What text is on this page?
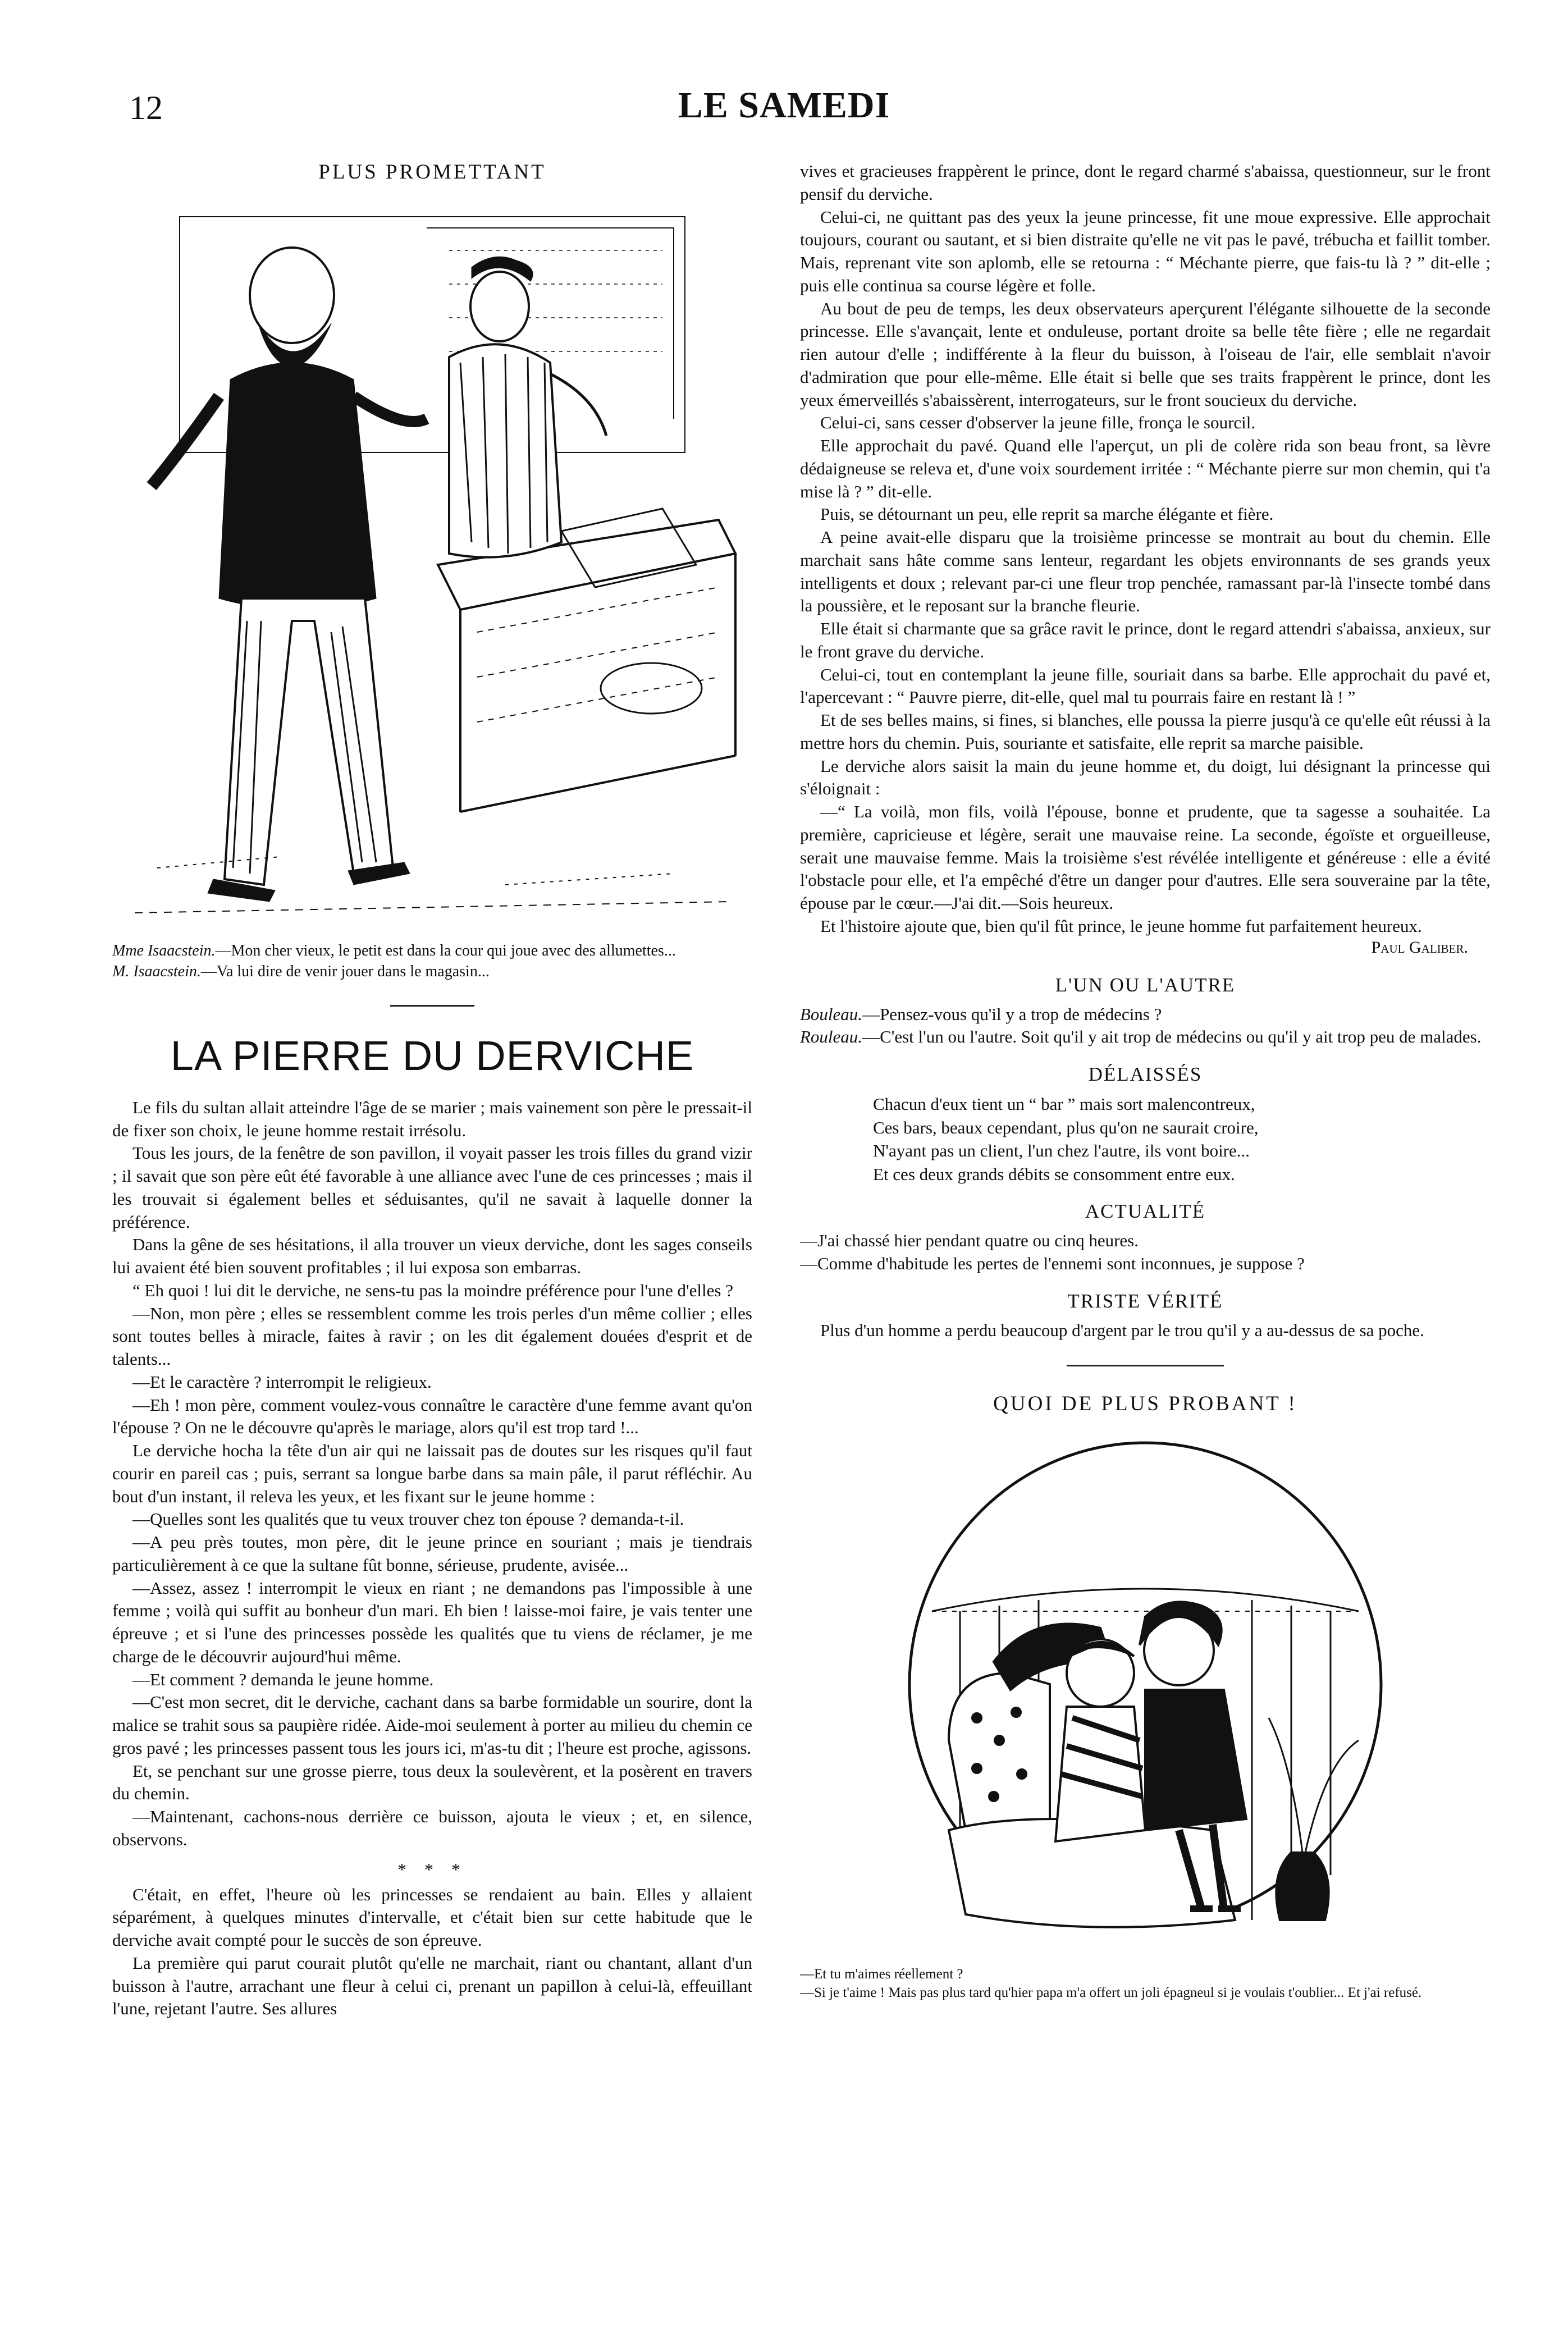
12	LE SAMEDI
PLUS PROMETTANT

Mme Isaacstein.—Mon cher vieux, le petit est dans la cour qui joue avec des allumettes...

M. Isaacstein.—Va lui dire de venir jouer dans le magasin...

LA PIERRE DU DERVICHE

Le fils du sultan allait atteindre l'âge de se marier ; mais vainement son père le pressait-il de fixer son choix, le jeune homme restait irrésolu.

Tous les jours, de la fenêtre de son pavillon, il voyait passer les trois filles du grand vizir ; il savait que son père eût été favorable à une alliance avec l'une de ces princesses ; mais il les trouvait si également belles et séduisantes, qu'il ne savait à laquelle donner la préférence.

Dans la gêne de ses hésitations, il alla trouver un vieux derviche, dont les sages conseils lui avaient été bien souvent profitables ; il lui exposa son embarras.

“ Eh quoi ! lui dit le derviche, ne sens-tu pas la moindre préférence pour l'une d'elles ?

—Non, mon père ; elles se ressemblent comme les trois perles d'un même collier ; elles sont toutes belles à miracle, faites à ravir ; on les dit également douées d'esprit et de talents...

—Et le caractère ? interrompit le religieux.

—Eh ! mon père, comment voulez-vous connaître le caractère d'une femme avant qu'on l'épouse ? On ne le découvre qu'après le mariage, alors qu'il est trop tard !...

Le derviche hocha la tête d'un air qui ne laissait pas de doutes sur les risques qu'il faut courir en pareil cas ; puis, serrant sa longue barbe dans sa main pâle, il parut réfléchir. Au bout d'un instant, il releva les yeux, et les fixant sur le jeune homme :

—Quelles sont les qualités que tu veux trouver chez ton épouse ? demanda-t-il.

—A peu près toutes, mon père, dit le jeune prince en souriant ; mais je tiendrais particulièrement à ce que la sultane fût bonne, sérieuse, prudente, avisée...

—Assez, assez ! interrompit le vieux en riant ; ne demandons pas l'impossible à une femme ; voilà qui suffit au bonheur d'un mari. Eh bien ! laisse-moi faire, je vais tenter une épreuve ; et si l'une des princesses possède les qualités que tu viens de réclamer, je me charge de le découvrir aujourd'hui même.

—Et comment ? demanda le jeune homme.

—C'est mon secret, dit le derviche, cachant dans sa barbe formidable un sourire, dont la malice se trahit sous sa paupière ridée. Aide-moi seulement à porter au milieu du chemin ce gros pavé ; les princesses passent tous les jours ici, m'as-tu dit ; l'heure est proche, agissons.

Et, se penchant sur une grosse pierre, tous deux la soulevèrent, et la posèrent en travers du chemin.

—Maintenant, cachons-nous derrière ce buisson, ajouta le vieux ; et, en silence, observons.

* * *

C'était, en effet, l'heure où les princesses se rendaient au bain. Elles y allaient séparément, à quelques minutes d'intervalle, et c'était bien sur cette habitude que le derviche avait compté pour le succès de son épreuve.

La première qui parut courait plutôt qu'elle ne marchait, riant ou chantant, allant d'un buisson à l'autre, arrachant une fleur à celui ci, prenant un papillon à celui-là, effeuillant l'une, rejetant l'autre. Ses allures

vives et gracieuses frappèrent le prince, dont le regard charmé s'abaissa, questionneur, sur le front pensif du derviche.

Celui-ci, ne quittant pas des yeux la jeune princesse, fit une moue expressive. Elle approchait toujours, courant ou sautant, et si bien distraite qu'elle ne vit pas le pavé, trébucha et faillit tomber. Mais, reprenant vite son aplomb, elle se retourna : “ Méchante pierre, que fais-tu là ? ” dit-elle ; puis elle continua sa course légère et folle.

Au bout de peu de temps, les deux observateurs aperçurent l'élégante silhouette de la seconde princesse. Elle s'avançait, lente et onduleuse, portant droite sa belle tête fière ; elle ne regardait rien autour d'elle ; indifférente à la fleur du buisson, à l'oiseau de l'air, elle semblait n'avoir d'admiration que pour elle-même. Elle était si belle que ses traits frappèrent le prince, dont les yeux émerveillés s'abaissèrent, interrogateurs, sur le front soucieux du derviche.

Celui-ci, sans cesser d'observer la jeune fille, fronça le sourcil.

Elle approchait du pavé. Quand elle l'aperçut, un pli de colère rida son beau front, sa lèvre dédaigneuse se releva et, d'une voix sourdement irritée : “ Méchante pierre sur mon chemin, qui t'a mise là ? ” dit-elle.

Puis, se détournant un peu, elle reprit sa marche élégante et fière.

A peine avait-elle disparu que la troisième princesse se montrait au bout du chemin. Elle marchait sans hâte comme sans lenteur, regardant les objets environnants de ses grands yeux intelligents et doux ; relevant par-ci une fleur trop penchée, ramassant par-là l'insecte tombé dans la poussière, et le reposant sur la branche fleurie.

Elle était si charmante que sa grâce ravit le prince, dont le regard attendri s'abaissa, anxieux, sur le front grave du derviche.

Celui-ci, tout en contemplant la jeune fille, souriait dans sa barbe. Elle approchait du pavé et, l'apercevant : “ Pauvre pierre, dit-elle, quel mal tu pourrais faire en restant là ! ”

Et de ses belles mains, si fines, si blanches, elle poussa la pierre jusqu'à ce qu'elle eût réussi à la mettre hors du chemin. Puis, souriante et satisfaite, elle reprit sa marche paisible.

Le derviche alors saisit la main du jeune homme et, du doigt, lui désignant la princesse qui s'éloignait :

—“ La voilà, mon fils, voilà l'épouse, bonne et prudente, que ta sagesse a souhaitée. La première, capricieuse et légère, serait une mauvaise reine. La seconde, égoïste et orgueilleuse, serait une mauvaise femme. Mais la troisième s'est révélée intelligente et généreuse : elle a évité l'obstacle pour elle, et l'a empêché d'être un danger pour d'autres. Elle sera souveraine par la tête, épouse par le cœur.—J'ai dit.—Sois heureux.

Et l'histoire ajoute que, bien qu'il fût prince, le jeune homme fut parfaitement heureux.

Paul Galiber.
L'UN OU L'AUTRE

Bouleau.—Pensez-vous qu'il y a trop de médecins ?

Rouleau.—C'est l'un ou l'autre. Soit qu'il y ait trop de médecins ou qu'il y ait trop peu de malades.

DÉLAISSÉS
Chacun d'eux tient un “ bar ” mais sort malencontreux,
Ces bars, beaux cependant, plus qu'on ne saurait croire,
N'ayant pas un client, l'un chez l'autre, ils vont boire...
Et ces deux grands débits se consomment entre eux.
ACTUALITÉ

—J'ai chassé hier pendant quatre ou cinq heures.

—Comme d'habitude les pertes de l'ennemi sont inconnues, je suppose ?

TRISTE VÉRITÉ

Plus d'un homme a perdu beaucoup d'argent par le trou qu'il y a au-dessus de sa poche.

QUOI DE PLUS PROBANT !

—Et tu m'aimes réellement ?

—Si je t'aime ! Mais pas plus tard qu'hier papa m'a offert un joli épagneul si je voulais t'oublier... Et j'ai refusé.
